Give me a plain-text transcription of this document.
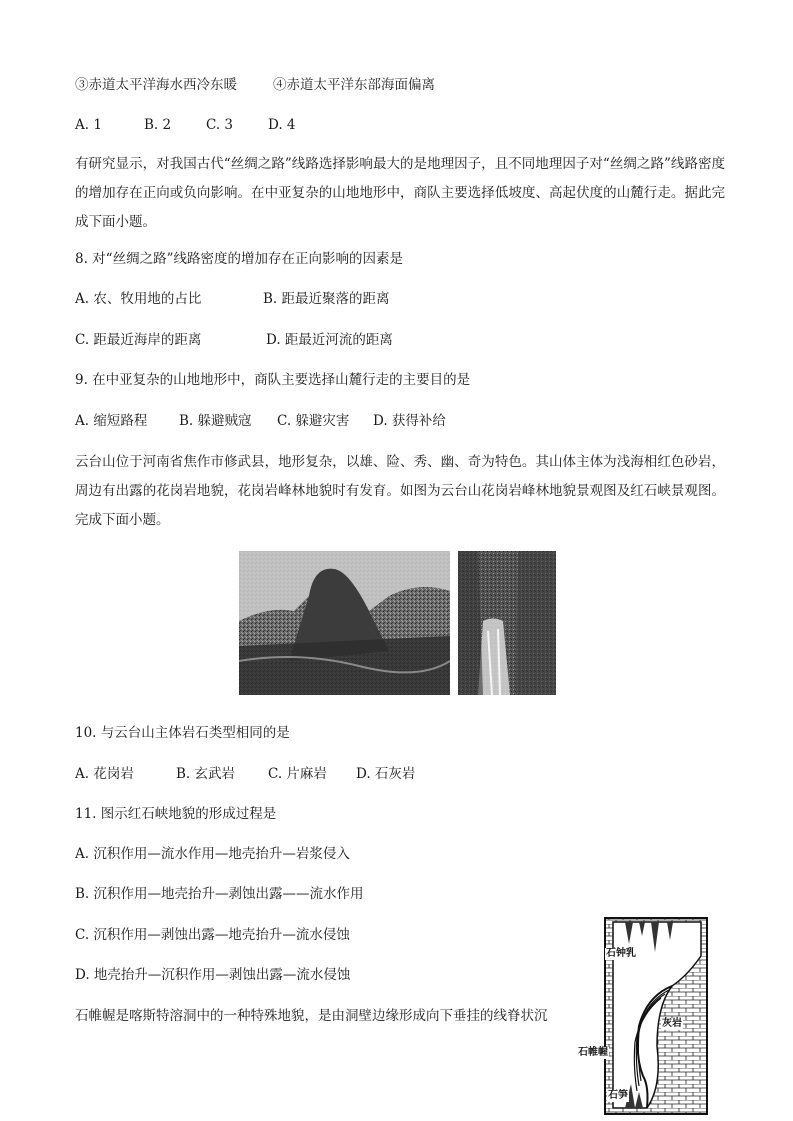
③赤道太平洋海水西冷东暖	④赤道太平洋东部海面偏离
A. 1	B. 2	C. 3	D. 4
有研究显示，对我国古代“丝绸之路”线路选择影响最大的是地理因子，且不同地理因子对“丝绸之路”线路密度的增加存在正向或负向影响。在中亚复杂的山地地形中，商队主要选择低坡度、高起伏度的山麓行走。据此完成下面小题。
8. 对“丝绸之路”线路密度的增加存在正向影响的因素是
A. 农、牧用地的占比	B. 距最近聚落的距离
C. 距最近海岸的距离	D. 距最近河流的距离
9. 在中亚复杂的山地地形中，商队主要选择山麓行走的主要目的是
A. 缩短路程 B. 躲避贼寇 C. 躲避灾害 D. 获得补给
云台山位于河南省焦作市修武县，地形复杂，以雄、险、秀、幽、奇为特色。其山体主体为浅海相红色砂岩，周边有出露的花岗岩地貌，花岗岩峰林地貌时有发育。如图为云台山花岗岩峰林地貌景观图及红石峡景观图。完成下面小题。
10. 与云台山主体岩石类型相同的是
A. 花岗岩	B. 玄武岩 C. 片麻岩 D. 石灰岩
11. 图示红石峡地貌的形成过程是
A. 沉积作用—流水作用—地壳抬升—岩浆侵入
B. 沉积作用—地壳抬升—剥蚀出露——流水作用
C. 沉积作用—剥蚀出露—地壳抬升—流水侵蚀
D. 地壳抬升—沉积作用—剥蚀出露—流水侵蚀
石帷幄是喀斯特溶洞中的一种特殊地貌，是由洞壁边缘形成向下垂挂的线脊状沉
石钟乳
灰岩
石帷幄
石笋
